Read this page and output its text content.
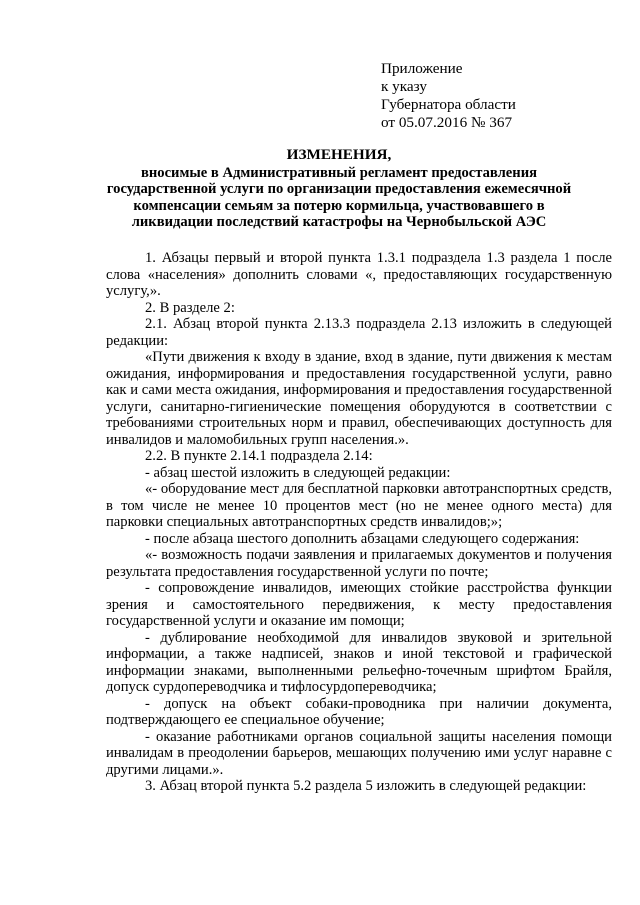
Приложение
к указу
Губернатора области
от 05.07.2016 № 367
ИЗМЕНЕНИЯ,
вносимые в Административный регламент предоставления государственной услуги по организации предоставления ежемесячной компенсации семьям за потерю кормильца, участвовавшего в ликвидации последствий катастрофы на Чернобыльской АЭС

1. Абзацы первый и второй пункта 1.3.1 подраздела 1.3 раздела 1 после слова «населения» дополнить словами «, предоставляющих государственную услугу,».

2. В разделе 2:

2.1. Абзац второй пункта 2.13.3 подраздела 2.13 изложить в следующей редакции:

«Пути движения к входу в здание, вход в здание, пути движения к местам ожидания, информирования и предоставления государственной услуги, равно как и сами места ожидания, информирования и предоставления государственной услуги, санитарно-гигиенические помещения оборудуются в соответствии с требованиями строительных норм и правил, обеспечивающих доступность для инвалидов и маломобильных групп населения.».

2.2. В пункте 2.14.1 подраздела 2.14:

- абзац шестой изложить в следующей редакции:

«- оборудование мест для бесплатной парковки автотранспортных средств, в том числе не менее 10 процентов мест (но не менее одного места) для парковки специальных автотранспортных средств инвалидов;»;

- после абзаца шестого дополнить абзацами следующего содержания:

«- возможность подачи заявления и прилагаемых документов и получения результата предоставления государственной услуги по почте;

- сопровождение инвалидов, имеющих стойкие расстройства функции зрения и самостоятельного передвижения, к месту предоставления государственной услуги и оказание им помощи;

- дублирование необходимой для инвалидов звуковой и зрительной информации, а также надписей, знаков и иной текстовой и графической информации знаками, выполненными рельефно-точечным шрифтом Брайля, допуск сурдопереводчика и тифлосурдопереводчика;

- допуск на объект собаки-проводника при наличии документа, подтверждающего ее специальное обучение;

- оказание работниками органов социальной защиты населения помощи инвалидам в преодолении барьеров, мешающих получению ими услуг наравне с другими лицами.».

3. Абзац второй пункта 5.2 раздела 5 изложить в следующей редакции:
